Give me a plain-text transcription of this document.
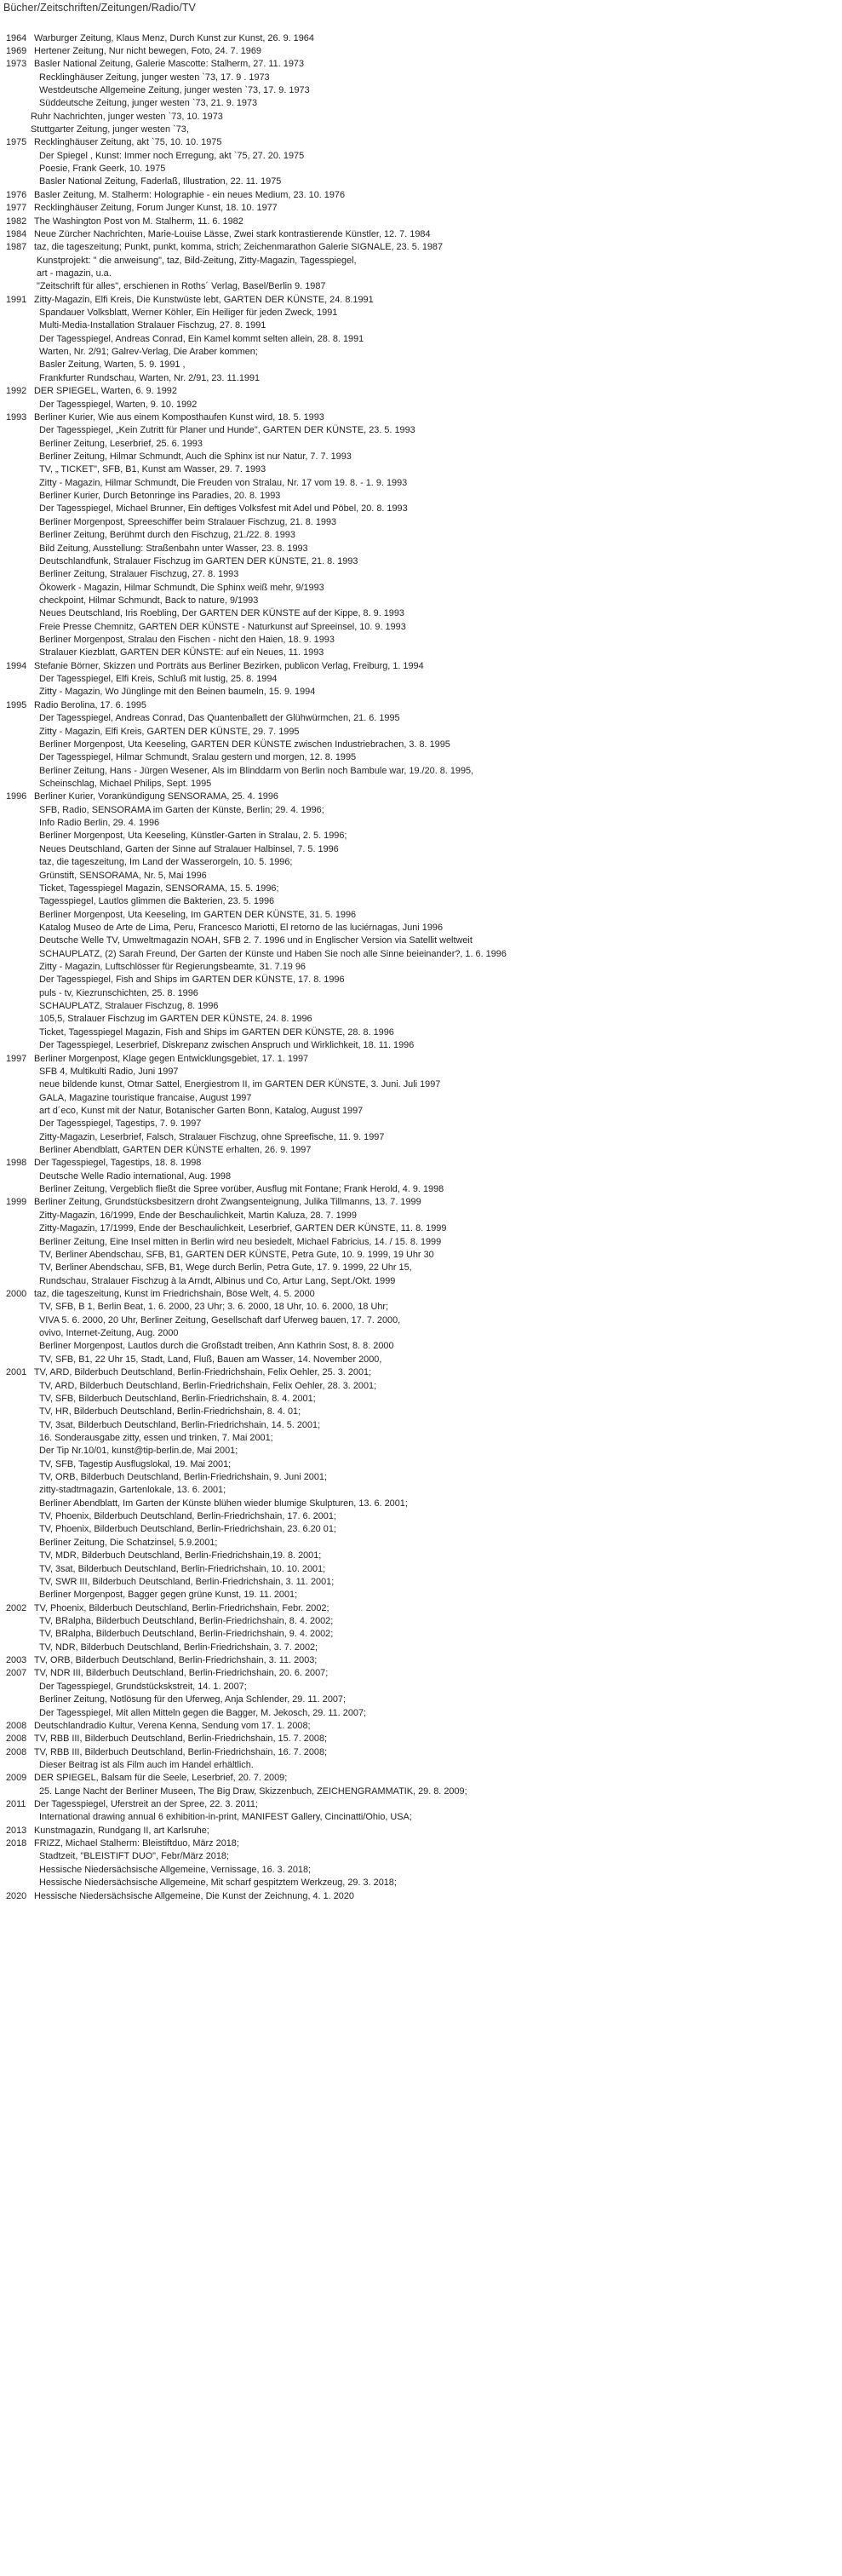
Bücher/Zeitschriften/Zeitungen/Radio/TV
1964 Warburger Zeitung, Klaus Menz, Durch Kunst zur Kunst, 26. 9. 1964
1969 Hertener Zeitung, Nur nicht bewegen, Foto, 24. 7. 1969
1973 Basler National Zeitung, Galerie Mascotte: Stalherm, 27. 11. 1973
Recklinghäuser Zeitung, junger westen `73, 17. 9 . 1973
Westdeutsche Allgemeine Zeitung, junger westen `73, 17. 9. 1973
Süddeutsche Zeitung, junger westen `73, 21. 9. 1973
Ruhr Nachrichten, junger westen `73, 10. 1973
Stuttgarter Zeitung, junger westen `73,
1975 Recklinghäuser Zeitung, akt `75, 10. 10. 1975
Der Spiegel , Kunst: Immer noch Erregung, akt `75, 27. 20. 1975
Poesie, Frank Geerk, 10. 1975
Basler National Zeitung, Faderlaß, Illustration, 22. 11. 1975
1976 Basler Zeitung, M. Stalherm: Holographie - ein neues Medium, 23. 10. 1976
1977 Recklinghäuser Zeitung, Forum Junger Kunst, 18. 10. 1977
1982 The Washington Post von M. Stalherm, 11. 6. 1982
1984 Neue Zürcher Nachrichten, Marie-Louise Lässe, Zwei stark kontrastierende Künstler, 12. 7. 1984
1987 taz, die tageszeitung; Punkt, punkt, komma, strich; Zeichenmarathon Galerie SIGNALE, 23. 5. 1987
Kunstprojekt: " die anweisung", taz, Bild-Zeitung, Zitty-Magazin, Tagesspiegel,
art - magazin, u.a.
"Zeitschrift für alles", erschienen in Roths´ Verlag, Basel/Berlin 9. 1987
1991 Zitty-Magazin, Elfi Kreis, Die Kunstwüste lebt, GARTEN DER KÜNSTE, 24. 8.1991
Spandauer Volksblatt, Werner Köhler, Ein Heiliger für jeden Zweck, 1991
Multi-Media-Installation Stralauer Fischzug, 27. 8. 1991
Der Tagesspiegel, Andreas Conrad, Ein Kamel kommt selten allein, 28. 8. 1991
Warten, Nr. 2/91; Galrev-Verlag, Die Araber kommen;
Basler Zeitung, Warten, 5. 9. 1991 ,
Frankfurter Rundschau, Warten, Nr. 2/91, 23. 11.1991
1992 DER SPIEGEL, Warten, 6. 9. 1992
Der Tagesspiegel, Warten, 9. 10. 1992
1993 Berliner Kurier, Wie aus einem Komposthaufen Kunst wird, 18. 5. 1993
Der Tagesspiegel, „Kein Zutritt für Planer und Hunde", GARTEN DER KÜNSTE, 23. 5. 1993
Berliner Zeitung, Leserbrief, 25. 6. 1993
Berliner Zeitung, Hilmar Schmundt, Auch die Sphinx ist nur Natur, 7. 7. 1993
TV, „ TICKET", SFB, B1, Kunst am Wasser, 29. 7. 1993
Zitty - Magazin, Hilmar Schmundt, Die Freuden von Stralau, Nr. 17 vom 19. 8. - 1. 9. 1993
Berliner Kurier, Durch Betonringe ins Paradies, 20. 8. 1993
Der Tagesspiegel, Michael Brunner, Ein deftiges Volksfest mit Adel und Pöbel, 20. 8. 1993
Berliner Morgenpost, Spreeschiffer beim Stralauer Fischzug, 21. 8. 1993
Berliner Zeitung, Berühmt durch den Fischzug, 21./22. 8. 1993
Bild Zeitung, Ausstellung: Straßenbahn unter Wasser, 23. 8. 1993
Deutschlandfunk, Stralauer Fischzug im GARTEN DER KÜNSTE, 21. 8. 1993
Berliner Zeitung, Stralauer Fischzug, 27. 8. 1993
Ökowerk - Magazin, Hilmar Schmundt, Die Sphinx weiß mehr, 9/1993
checkpoint, Hilmar Schmundt, Back to nature, 9/1993
Neues Deutschland, Iris Roebling, Der GARTEN DER KÜNSTE auf der Kippe, 8. 9. 1993
Freie Presse Chemnitz, GARTEN DER KÜNSTE - Naturkunst auf Spreeinsel, 10. 9. 1993
Berliner Morgenpost, Stralau den Fischen - nicht den Haien, 18. 9. 1993
Stralauer Kiezblatt, GARTEN DER KÜNSTE: auf ein Neues, 11. 1993
1994 Stefanie Börner, Skizzen und Porträts aus Berliner Bezirken, publicon Verlag, Freiburg, 1. 1994
Der Tagesspiegel, Elfi Kreis, Schluß mit lustig, 25. 8. 1994
Zitty - Magazin, Wo Jünglinge mit den Beinen baumeln, 15. 9. 1994
1995 Radio Berolina, 17. 6. 1995
Der Tagesspiegel, Andreas Conrad, Das Quantenballett der Glühwürmchen, 21. 6. 1995
Zitty - Magazin, Elfi Kreis, GARTEN DER KÜNSTE, 29. 7. 1995
Berliner Morgenpost, Uta Keeseling, GARTEN DER KÜNSTE zwischen Industriebrachen, 3. 8. 1995
Der Tagesspiegel, Hilmar Schmundt, Sralau gestern und morgen, 12. 8. 1995
Berliner Zeitung, Hans - Jürgen Wesener, Als im Blinddarm von Berlin noch Bambule war, 19./20. 8. 1995,
Scheinschlag, Michael Philips, Sept. 1995
1996 Berliner Kurier, Vorankündigung SENSORAMA, 25. 4. 1996
SFB, Radio, SENSORAMA im Garten der Künste, Berlin; 29. 4. 1996;
Info Radio Berlin, 29. 4. 1996
Berliner Morgenpost, Uta Keeseling, Künstler-Garten in Stralau, 2. 5. 1996;
Neues Deutschland, Garten der Sinne auf Stralauer Halbinsel, 7. 5. 1996
taz, die tageszeitung, Im Land der Wasserorgeln, 10. 5. 1996;
Grünstift, SENSORAMA, Nr. 5, Mai 1996
Ticket, Tagesspiegel Magazin, SENSORAMA, 15. 5. 1996;
Tagesspiegel, Lautlos glimmen die Bakterien, 23. 5. 1996
Berliner Morgenpost, Uta Keeseling, Im GARTEN DER KÜNSTE, 31. 5. 1996
Katalog Museo de Arte de Lima, Peru, Francesco Mariotti, El retorno de las luciérnagas, Juni 1996
Deutsche Welle TV, Umweltmagazin NOAH, SFB 2. 7. 1996 und in Englischer Version via Satellit weltweit
SCHAUPLATZ, (2) Sarah Freund, Der Garten der Künste und Haben Sie noch alle Sinne beieinander?, 1. 6. 1996
Zitty - Magazin, Luftschlösser für Regierungsbeamte, 31. 7.19 96
Der Tagesspiegel, Fish and Ships im GARTEN DER KÜNSTE, 17. 8. 1996
puls - tv, Kiezrunschichten, 25. 8. 1996
SCHAUPLATZ, Stralauer Fischzug, 8. 1996
105,5, Stralauer Fischzug im GARTEN DER KÜNSTE, 24. 8. 1996
Ticket, Tagesspiegel Magazin, Fish and Ships im GARTEN DER KÜNSTE, 28. 8. 1996
Der Tagesspiegel, Leserbrief, Diskrepanz zwischen Anspruch und Wirklichkeit, 18. 11. 1996
1997 Berliner Morgenpost, Klage gegen Entwicklungsgebiet, 17. 1. 1997
SFB 4, Multikulti Radio, Juni 1997
neue bildende kunst, Otmar Sattel, Energiestrom II, im GARTEN DER KÜNSTE, 3. Juni. Juli 1997
GALA, Magazine touristique francaise, August 1997
art d´eco, Kunst mit der Natur, Botanischer Garten Bonn, Katalog, August 1997
Der Tagesspiegel, Tagestips, 7. 9. 1997
Zitty-Magazin, Leserbrief, Falsch, Stralauer Fischzug, ohne Spreefische, 11. 9. 1997
Berliner Abendblatt, GARTEN DER KÜNSTE erhalten, 26. 9. 1997
1998 Der Tagesspiegel, Tagestips, 18. 8. 1998
Deutsche Welle Radio international, Aug. 1998
Berliner Zeitung, Vergeblich fließt die Spree vorüber, Ausflug mit Fontane; Frank Herold, 4. 9. 1998
1999 Berliner Zeitung, Grundstücksbesitzern droht Zwangsenteignung, Julika Tillmanns, 13. 7. 1999
Zitty-Magazin, 16/1999, Ende der Beschaulichkeit, Martin Kaluza, 28. 7. 1999
Zitty-Magazin, 17/1999, Ende der Beschaulichkeit, Leserbrief, GARTEN DER KÜNSTE, 11. 8. 1999
Berliner Zeitung, Eine Insel mitten in Berlin wird neu besiedelt, Michael Fabricius, 14. / 15. 8. 1999
TV, Berliner Abendschau, SFB, B1, GARTEN DER KÜNSTE, Petra Gute, 10. 9. 1999, 19 Uhr 30
TV, Berliner Abendschau, SFB, B1, Wege durch Berlin, Petra Gute, 17. 9. 1999, 22 Uhr 15,
Rundschau, Stralauer Fischzug à la Arndt, Albinus und Co, Artur Lang, Sept./Okt. 1999
2000 taz, die tageszeitung, Kunst im Friedrichshain, Böse Welt, 4. 5. 2000
TV, SFB, B 1, Berlin Beat, 1. 6. 2000, 23 Uhr; 3. 6. 2000, 18 Uhr, 10. 6. 2000, 18 Uhr;
VIVA 5. 6. 2000, 20 Uhr, Berliner Zeitung, Gesellschaft darf Uferweg bauen, 17. 7. 2000,
ovivo, Internet-Zeitung, Aug. 2000
Berliner Morgenpost, Lautlos durch die Großstadt treiben, Ann Kathrin Sost, 8. 8. 2000
TV, SFB, B1, 22 Uhr 15, Stadt, Land, Fluß, Bauen am Wasser, 14. November 2000,
2001 TV, ARD, Bilderbuch Deutschland, Berlin-Friedrichshain, Felix Oehler, 25. 3. 2001;
TV, ARD, Bilderbuch Deutschland, Berlin-Friedrichshain, Felix Oehler, 28. 3. 2001;
TV, SFB, Bilderbuch Deutschland, Berlin-Friedrichshain, 8. 4. 2001;
TV, HR, Bilderbuch Deutschland, Berlin-Friedrichshain, 8. 4. 01;
TV, 3sat, Bilderbuch Deutschland, Berlin-Friedrichshain, 14. 5. 2001;
16. Sonderausgabe zitty, essen und trinken, 7. Mai 2001;
Der Tip Nr.10/01, kunst@tip-berlin.de, Mai 2001;
TV, SFB, Tagestip Ausflugslokal, 19. Mai 2001;
TV, ORB, Bilderbuch Deutschland, Berlin-Friedrichshain, 9. Juni 2001;
zitty-stadtmagazin, Gartenlokale, 13. 6. 2001;
Berliner Abendblatt, Im Garten der Künste blühen wieder blumige Skulpturen, 13. 6. 2001;
TV, Phoenix, Bilderbuch Deutschland, Berlin-Friedrichshain, 17. 6. 2001;
TV, Phoenix, Bilderbuch Deutschland, Berlin-Friedrichshain, 23. 6.20 01;
Berliner Zeitung, Die Schatzinsel, 5.9.2001;
TV, MDR, Bilderbuch Deutschland, Berlin-Friedrichshain,19. 8. 2001;
TV, 3sat, Bilderbuch Deutschland, Berlin-Friedrichshain, 10. 10. 2001;
TV, SWR III, Bilderbuch Deutschland, Berlin-Friedrichshain, 3. 11. 2001;
Berliner Morgenpost, Bagger gegen grüne Kunst, 19. 11. 2001;
2002 TV, Phoenix, Bilderbuch Deutschland, Berlin-Friedrichshain, Febr. 2002;
TV, BRalpha, Bilderbuch Deutschland, Berlin-Friedrichshain, 8. 4. 2002;
TV, BRalpha, Bilderbuch Deutschland, Berlin-Friedrichshain, 9. 4. 2002;
TV, NDR, Bilderbuch Deutschland, Berlin-Friedrichshain, 3. 7. 2002;
2003 TV, ORB, Bilderbuch Deutschland, Berlin-Friedrichshain, 3. 11. 2003;
2007 TV, NDR III, Bilderbuch Deutschland, Berlin-Friedrichshain, 20. 6. 2007;
Der Tagesspiegel, Grundstückskstreit, 14. 1. 2007;
Berliner Zeitung, Notlösung für den Uferweg, Anja Schlender, 29. 11. 2007;
Der Tagesspiegel, Mit allen Mitteln gegen die Bagger, M. Jekosch, 29. 11. 2007;
2008 Deutschlandradio Kultur, Verena Kenna, Sendung vom 17. 1. 2008;
2008 TV, RBB III, Bilderbuch Deutschland, Berlin-Friedrichshain, 15. 7. 2008;
2008 TV, RBB III, Bilderbuch Deutschland, Berlin-Friedrichshain, 16. 7. 2008;
Dieser Beitrag ist als Film auch im Handel erhältlich.
2009 DER SPIEGEL, Balsam für die Seele, Leserbrief, 20. 7. 2009;
25. Lange Nacht der Berliner Museen, The Big Draw, Skizzenbuch, ZEICHENGRAMMATIK, 29. 8. 2009;
2011 Der Tagesspiegel, Uferstreit an der Spree, 22. 3. 2011;
International drawing annual 6 exhibition-in-print, MANIFEST Gallery, Cincinatti/Ohio, USA;
2013 Kunstmagazin, Rundgang II, art Karlsruhe;
2018 FRIZZ, Michael Stalherm: Bleistiftduo, März 2018;
Stadtzeit, "BLEISTIFT DUO", Febr/März 2018;
Hessische Niedersächsische Allgemeine, Vernissage, 16. 3. 2018;
Hessische Niedersächsische Allgemeine, Mit scharf gespitztem Werkzeug, 29. 3. 2018;
2020 Hessische Niedersächsische Allgemeine, Die Kunst der Zeichnung, 4. 1. 2020
